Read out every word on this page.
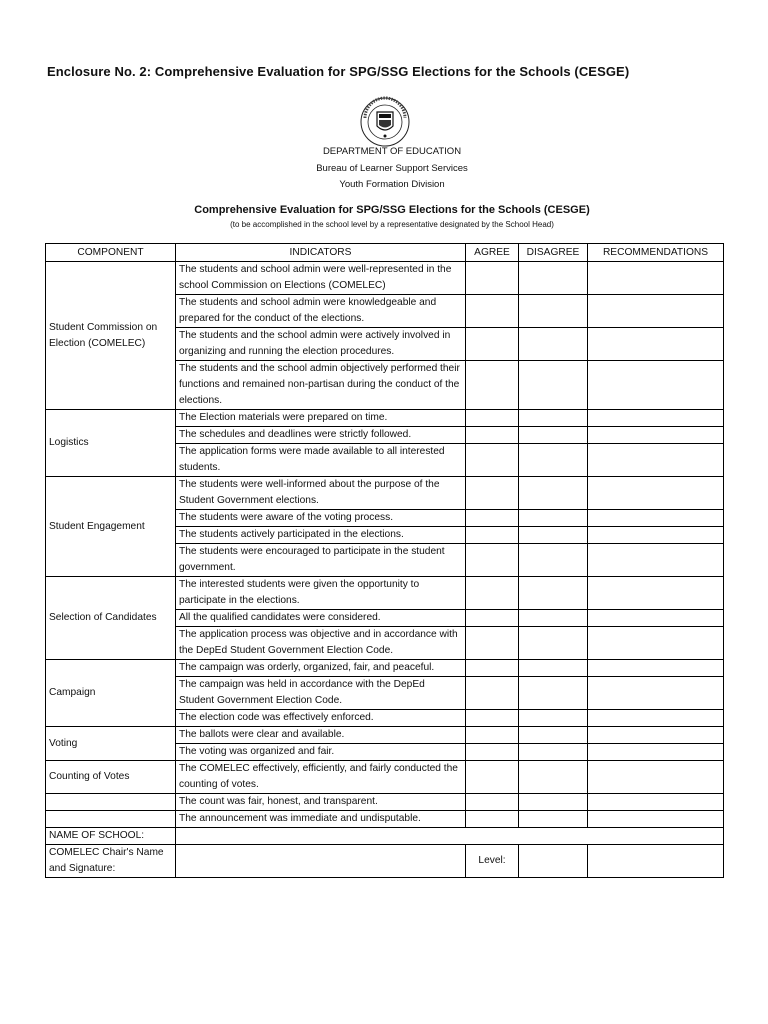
Enclosure No. 2: Comprehensive Evaluation for SPG/SSG Elections for the Schools (CESGE)
DEPARTMENT OF EDUCATION
Bureau of Learner Support Services
Youth Formation Division
Comprehensive Evaluation for SPG/SSG Elections for the Schools (CESGE)
(to be accomplished in the school level by a representative designated by the School Head)
COMPONENT	INDICATORS	AGREE	DISAGREE	RECOMMENDATIONS
Student Commission on Election (COMELEC)	The students and school admin were well-represented in the school Commission on Elections (COMELEC)			
	The students and school admin were knowledgeable and prepared for the conduct of the elections.			
	The students and the school admin were actively involved in organizing and running the election procedures.			
	The students and the school admin objectively performed their functions and remained non-partisan during the conduct of the elections.			
Logistics	The Election materials were prepared on time.			
	The schedules and deadlines were strictly followed.			
	The application forms were made available to all interested students.			
Student Engagement	The students were well-informed about the purpose of the Student Government elections.			
	The students were aware of the voting process.			
	The students actively participated in the elections.			
	The students were encouraged to participate in the student government.			
Selection of Candidates	The interested students were given the opportunity to participate in the elections.			
	All the qualified candidates were considered.			
	The application process was objective and in accordance with the DepEd Student Government Election Code.			
Campaign	The campaign was orderly, organized, fair, and peaceful.			
	The campaign was held in accordance with the DepEd Student Government Election Code.			
	The election code was effectively enforced.			
Voting	The ballots were clear and available.			
	The voting was organized and fair.			
Counting of Votes	The COMELEC effectively, efficiently, and fairly conducted the counting of votes.			
	The count was fair, honest, and transparent.			
	The announcement was immediate and undisputable.			
NAME OF SCHOOL:				
COMELEC Chair's Name and Signature:		Level:		
